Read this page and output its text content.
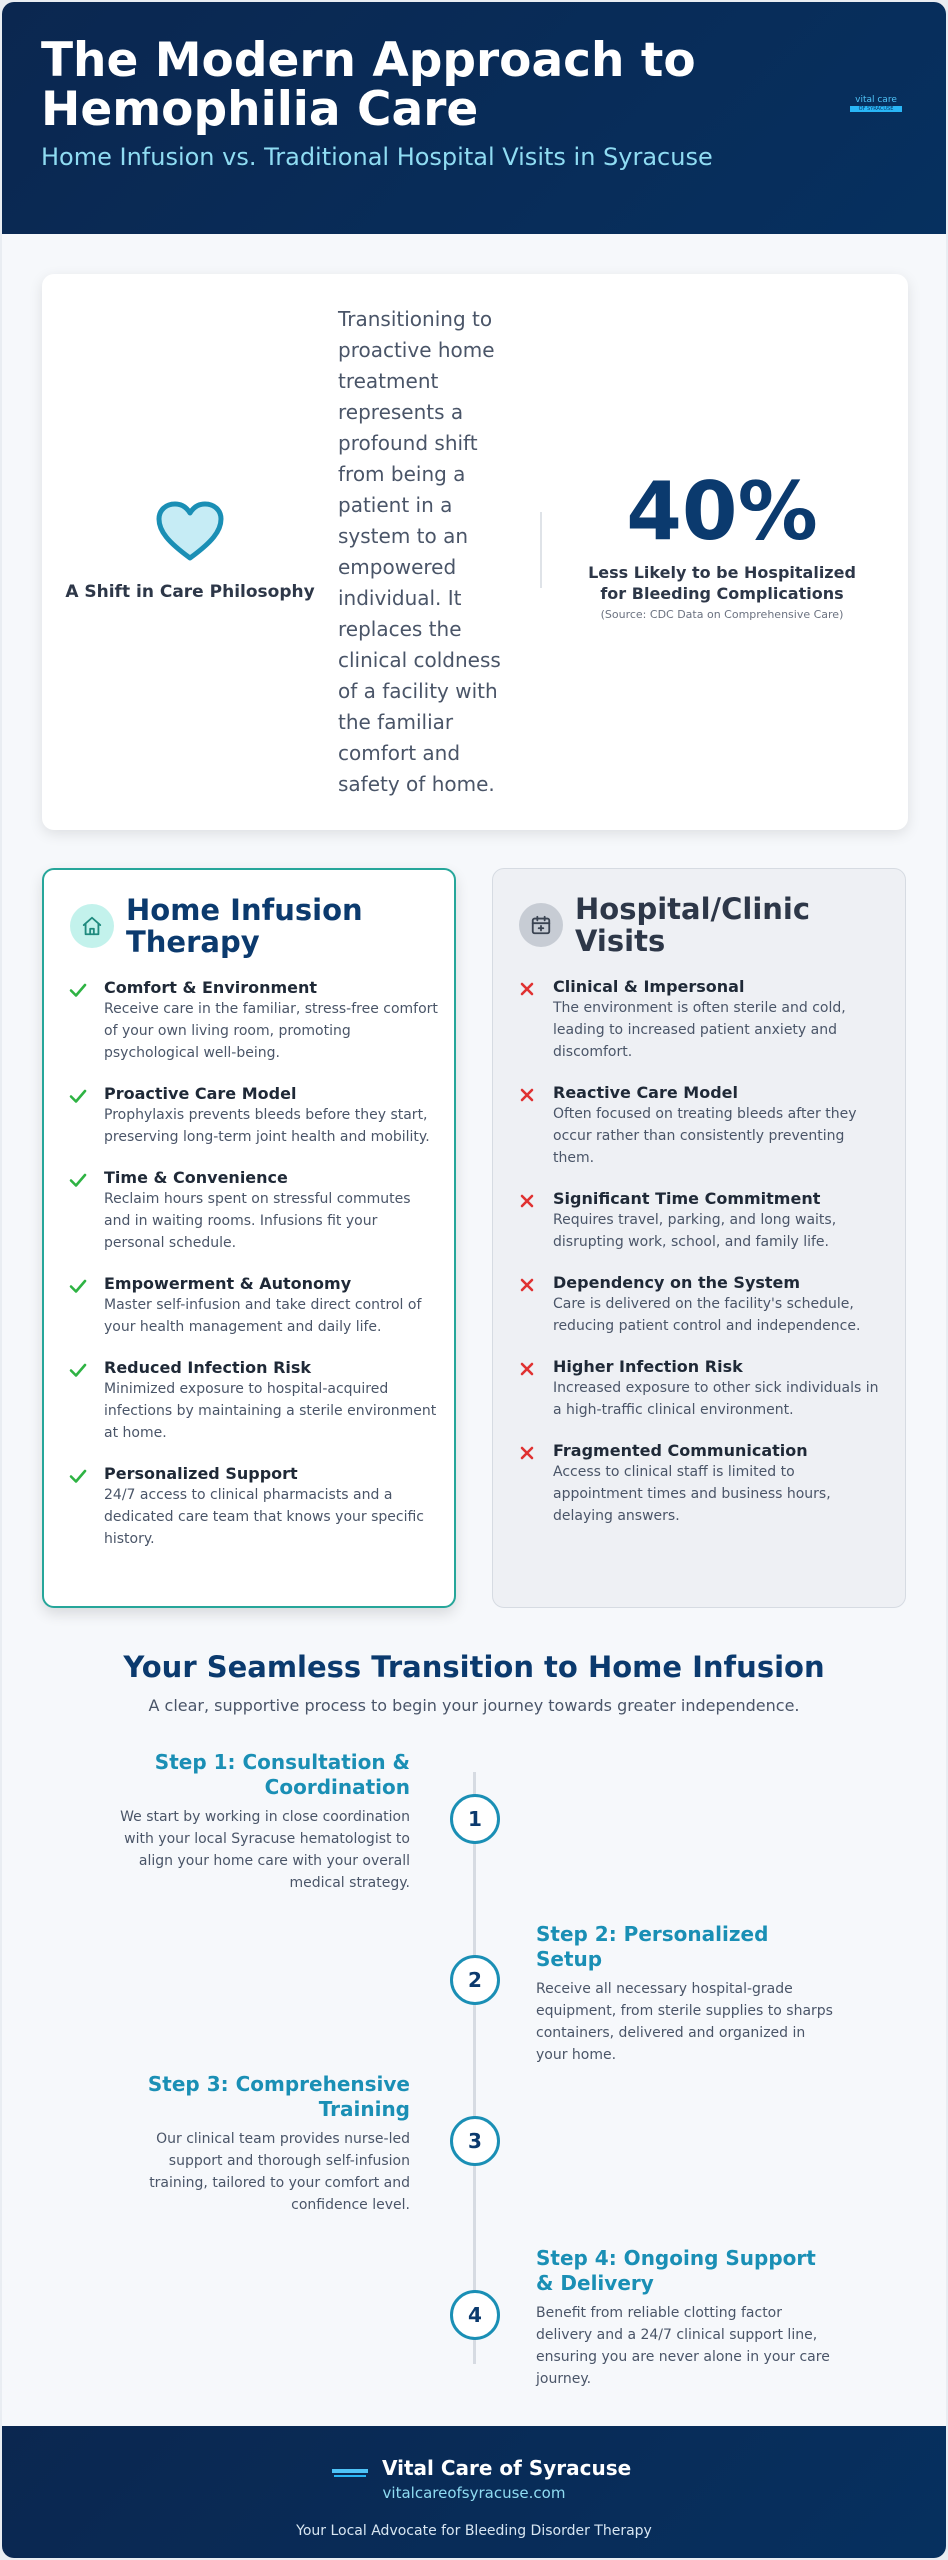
The Modern Approach to Hemophilia Care
Home Infusion vs. Traditional Hospital Visits in Syracuse
vital care
OF SYRACUSE
A Shift in Care Philosophy
Transitioning to proactive home treatment represents a profound shift from being a patient in a system to an empowered individual. It replaces the clinical coldness of a facility with the familiar comfort and safety of home.
40%
Less Likely to be Hospitalized for Bleeding Complications
(Source: CDC Data on Comprehensive Care)
Home Infusion Therapy
Comfort & Environment
Receive care in the familiar, stress-free comfort of your own living room, promoting psychological well-being.
Proactive Care Model
Prophylaxis prevents bleeds before they start, preserving long-term joint health and mobility.
Time & Convenience
Reclaim hours spent on stressful commutes and in waiting rooms. Infusions fit your personal schedule.
Empowerment & Autonomy
Master self-infusion and take direct control of your health management and daily life.
Reduced Infection Risk
Minimized exposure to hospital-acquired infections by maintaining a sterile environment at home.
Personalized Support
24/7 access to clinical pharmacists and a dedicated care team that knows your specific history.
Hospital/Clinic Visits
Clinical & Impersonal
The environment is often sterile and cold, leading to increased patient anxiety and discomfort.
Reactive Care Model
Often focused on treating bleeds after they occur rather than consistently preventing them.
Significant Time Commitment
Requires travel, parking, and long waits, disrupting work, school, and family life.
Dependency on the System
Care is delivered on the facility's schedule, reducing patient control and independence.
Higher Infection Risk
Increased exposure to other sick individuals in a high-traffic clinical environment.
Fragmented Communication
Access to clinical staff is limited to appointment times and business hours, delaying answers.
Your Seamless Transition to Home Infusion
A clear, supportive process to begin your journey towards greater independence.
Step 1: Consultation & Coordination
We start by working in close coordination with your local Syracuse hematologist to align your home care with your overall medical strategy.
1
Step 2: Personalized Setup
Receive all necessary hospital-grade equipment, from sterile supplies to sharps containers, delivered and organized in your home.
2
Step 3: Comprehensive Training
Our clinical team provides nurse-led support and thorough self-infusion training, tailored to your comfort and confidence level.
3
Step 4: Ongoing Support & Delivery
Benefit from reliable clotting factor delivery and a 24/7 clinical support line, ensuring you are never alone in your care journey.
4
Vital Care of Syracuse
vitalcareofsyracuse.com
Your Local Advocate for Bleeding Disorder Therapy
